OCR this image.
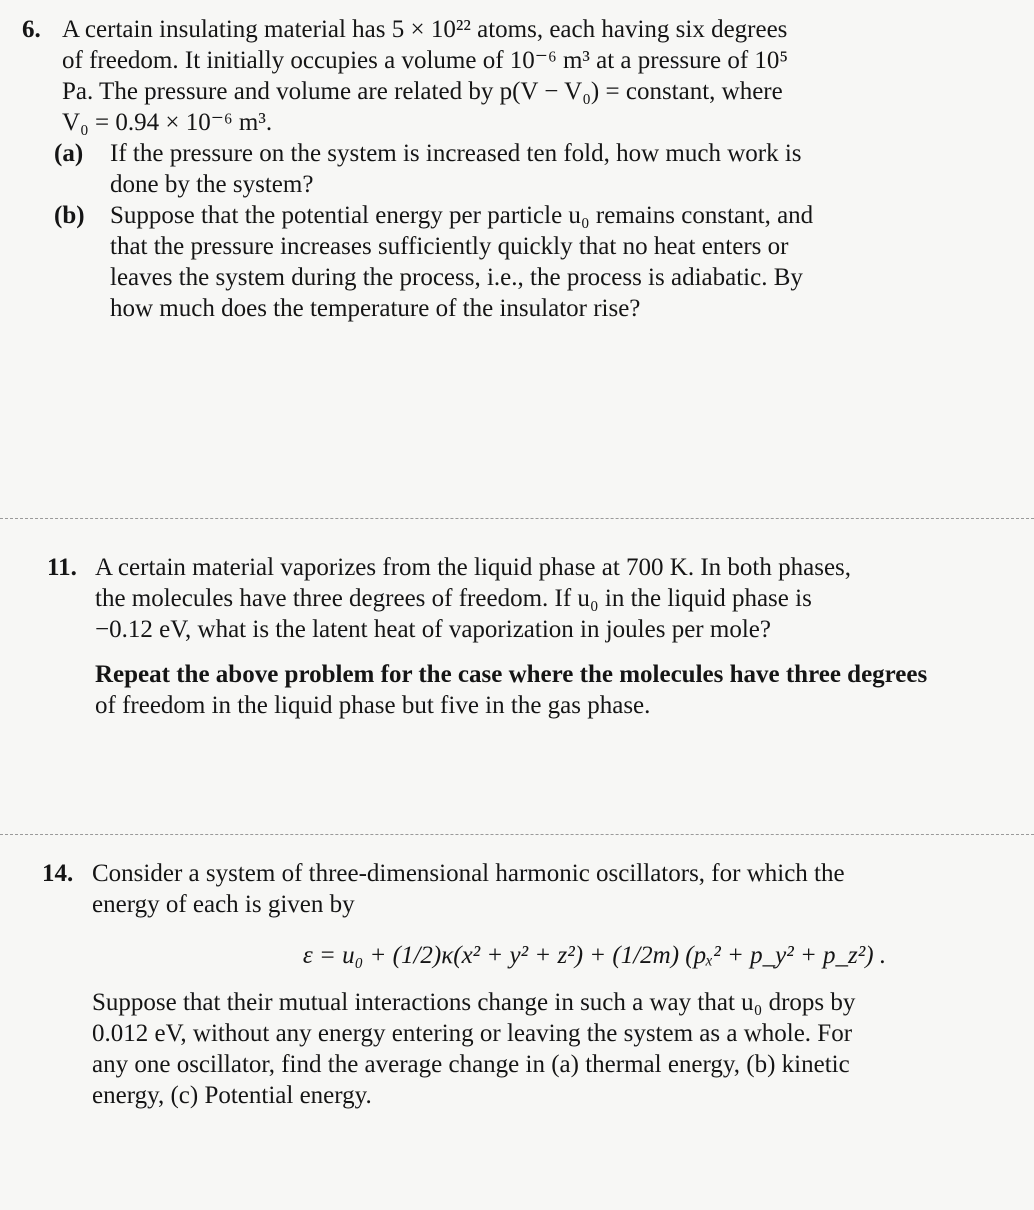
6. A certain insulating material has 5 × 10²² atoms, each having six degrees
of freedom. It initially occupies a volume of 10⁻⁶ m³ at a pressure of 10⁵
Pa. The pressure and volume are related by p(V − V₀) = constant, where
V₀ = 0.94 × 10⁻⁶ m³.
(a) If the pressure on the system is increased ten fold, how much work is
done by the system?
(b) Suppose that the potential energy per particle u₀ remains constant, and
that the pressure increases sufficiently quickly that no heat enters or
leaves the system during the process, i.e., the process is adiabatic. By
how much does the temperature of the insulator rise?
11. A certain material vaporizes from the liquid phase at 700 K. In both phases,
the molecules have three degrees of freedom. If u₀ in the liquid phase is
−0.12 eV, what is the latent heat of vaporization in joules per mole?
Repeat the above problem for the case where the molecules have three degrees
of freedom in the liquid phase but five in the gas phase.
14. Consider a system of three-dimensional harmonic oscillators, for which the
energy of each is given by
ε = u₀ + (1/2)κ(x² + y² + z²) + (1/2m) (pₓ² + p_y² + p_z²) .
Suppose that their mutual interactions change in such a way that u₀ drops by
0.012 eV, without any energy entering or leaving the system as a whole. For
any one oscillator, find the average change in (a) thermal energy, (b) kinetic
energy, (c) Potential energy.
